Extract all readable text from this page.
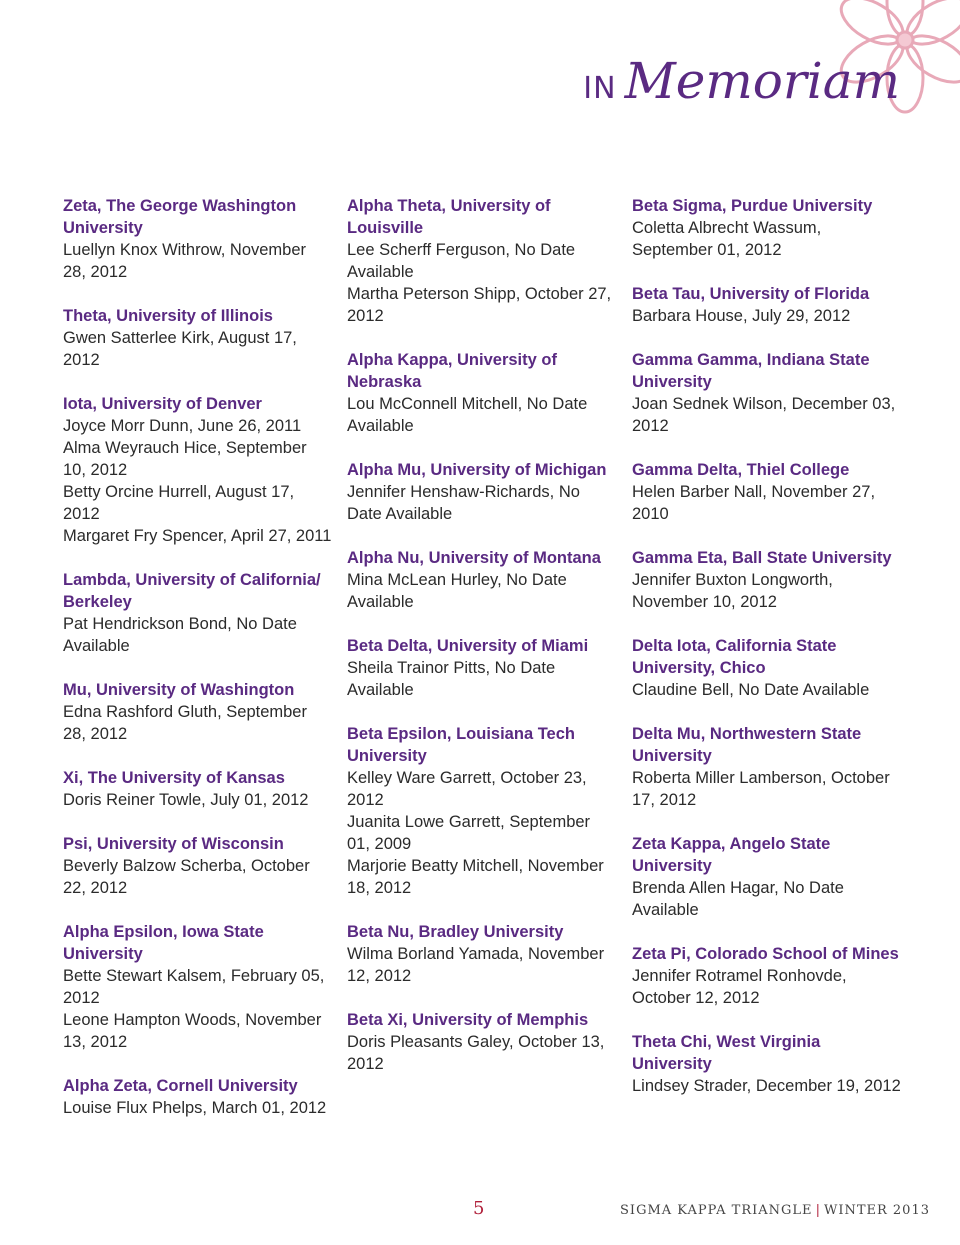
IN Memoriam

Zeta, The George Washington University

Luellyn Knox Withrow, November 28, 2012

Theta, University of Illinois

Gwen Satterlee Kirk, August 17, 2012

Iota, University of Denver

Joyce Morr Dunn, June 26, 2011

Alma Weyrauch Hice, September 10, 2012

Betty Orcine Hurrell, August 17, 2012

Margaret Fry Spencer, April 27, 2011

Lambda, University of California/ Berkeley

Pat Hendrickson Bond, No Date Available

Mu, University of Washington

Edna Rashford Gluth, September 28, 2012

Xi, The University of Kansas

Doris Reiner Towle, July 01, 2012

Psi, University of Wisconsin

Beverly Balzow Scherba, October 22, 2012

Alpha Epsilon, Iowa State University

Bette Stewart Kalsem, February 05, 2012

Leone Hampton Woods, November 13, 2012

Alpha Zeta, Cornell University

Louise Flux Phelps, March 01, 2012

Alpha Theta, University of Louisville

Lee Scherff Ferguson, No Date Available

Martha Peterson Shipp, October 27, 2012

Alpha Kappa, University of Nebraska

Lou McConnell Mitchell, No Date Available

Alpha Mu, University of Michigan

Jennifer Henshaw-Richards, No Date Available

Alpha Nu, University of Montana

Mina McLean Hurley, No Date Available

Beta Delta, University of Miami

Sheila Trainor Pitts, No Date Available

Beta Epsilon, Louisiana Tech University

Kelley Ware Garrett, October 23, 2012

Juanita Lowe Garrett, September 01, 2009

Marjorie Beatty Mitchell, November 18, 2012

Beta Nu, Bradley University

Wilma Borland Yamada, November 12, 2012

Beta Xi, University of Memphis

Doris Pleasants Galey, October 13, 2012

Beta Sigma, Purdue University

Coletta Albrecht Wassum, September 01, 2012

Beta Tau, University of Florida

Barbara House, July 29, 2012

Gamma Gamma, Indiana State University

Joan Sednek Wilson, December 03, 2012

Gamma Delta, Thiel College

Helen Barber Nall, November 27, 2010

Gamma Eta, Ball State University

Jennifer Buxton Longworth, November 10, 2012

Delta Iota, California State University, Chico

Claudine Bell, No Date Available

Delta Mu, Northwestern State University

Roberta Miller Lamberson, October 17, 2012

Zeta Kappa, Angelo State University

Brenda Allen Hagar, No Date Available

Zeta Pi, Colorado School of Mines

Jennifer Rotramel Ronhovde, October 12, 2012

Theta Chi, West Virginia University

Lindsey Strader, December 19, 2012

5	SIGMA KAPPA TRIANGLE | WINTER 2013
